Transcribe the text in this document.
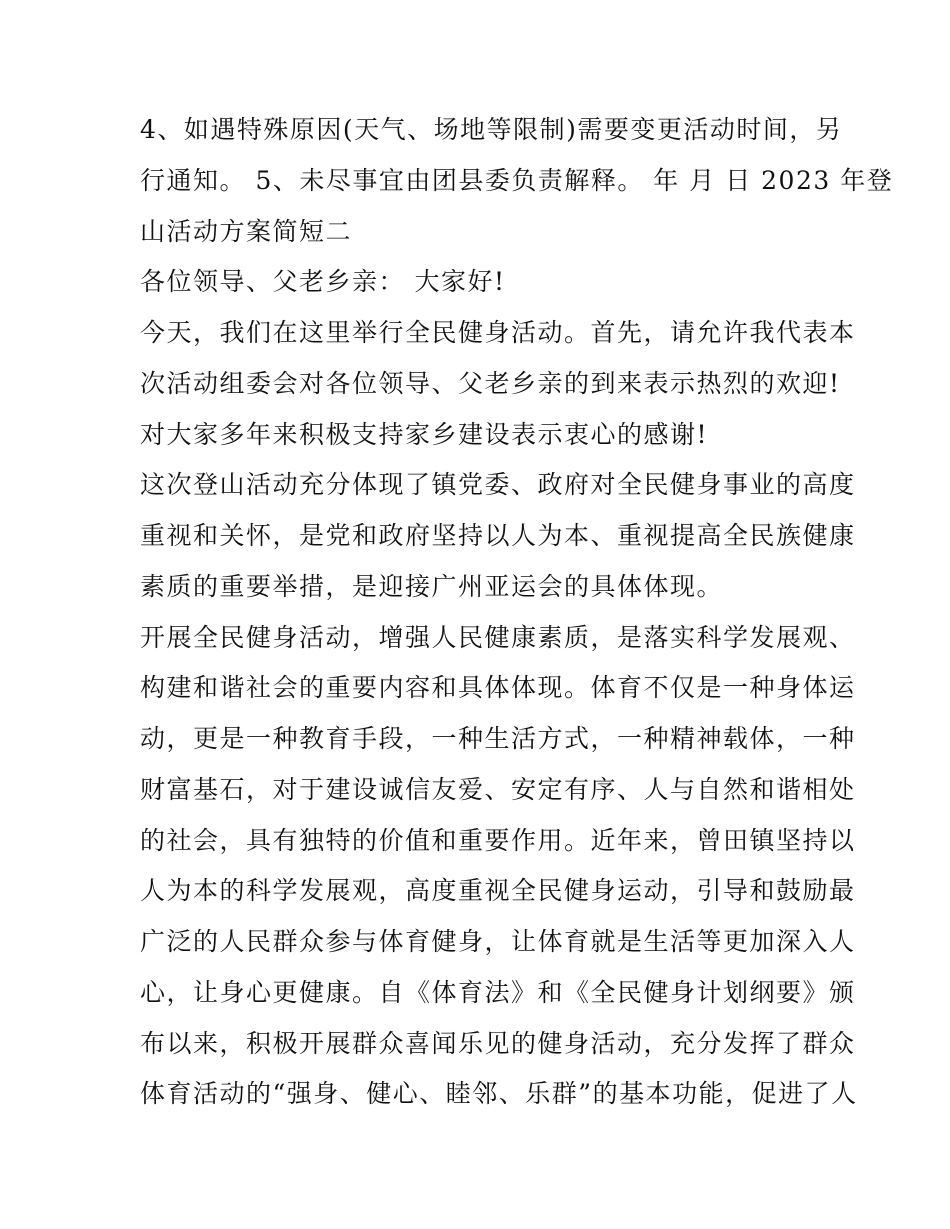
4、如遇特殊原因(天气、场地等限制)需要变更活动时间，另
行通知。 5、未尽事宜由团县委负责解释。 年 月 日 2023 年登
山活动方案简短二
各位领导、父老乡亲： 大家好!
今天，我们在这里举行全民健身活动。首先，请允许我代表本
次活动组委会对各位领导、父老乡亲的到来表示热烈的欢迎!
对大家多年来积极支持家乡建设表示衷心的感谢!
这次登山活动充分体现了镇党委、政府对全民健身事业的高度
重视和关怀，是党和政府坚持以人为本、重视提高全民族健康
素质的重要举措，是迎接广州亚运会的具体体现。
开展全民健身活动，增强人民健康素质，是落实科学发展观、
构建和谐社会的重要内容和具体体现。体育不仅是一种身体运
动，更是一种教育手段，一种生活方式，一种精神载体，一种
财富基石，对于建设诚信友爱、安定有序、人与自然和谐相处
的社会，具有独特的价值和重要作用。近年来，曾田镇坚持以
人为本的科学发展观，高度重视全民健身运动，引导和鼓励最
广泛的人民群众参与体育健身，让体育就是生活等更加深入人
心，让身心更健康。自《体育法》和《全民健身计划纲要》颁
布以来，积极开展群众喜闻乐见的健身活动，充分发挥了群众
体育活动的“强身、健心、睦邻、乐群”的基本功能，促进了人
